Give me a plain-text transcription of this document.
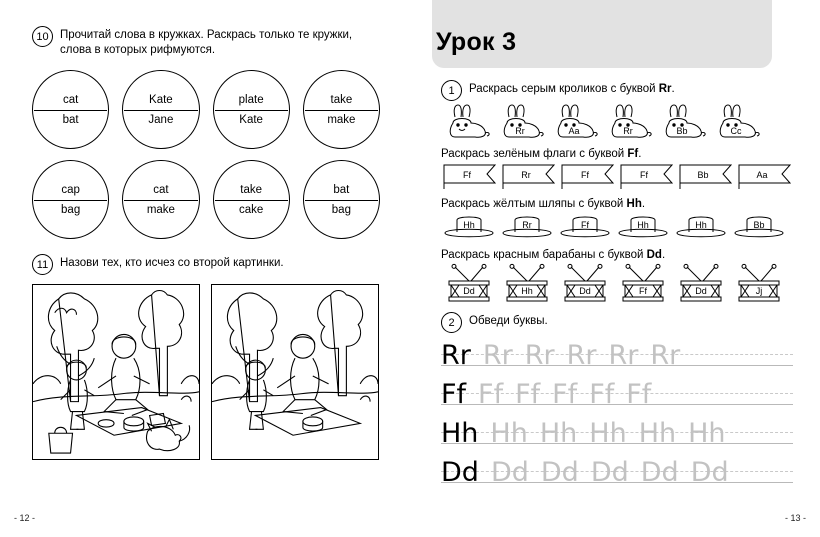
10 Прочитай слова в кружках. Раскрась только те кружки, слова в которых рифмуются.
cat
bat
Kate
Jane
plate
Kate
take
make
cap
bag
cat
make
take
cake
bat
bag
11	Назови тех, кто исчез со второй картинки.
- 12 -
Урок 3
1	Раскрась серым кроликов с буквой Rr.
Rr	Aa	Rr	Bb	Cc
Раскрась зелёным флаги с буквой Ff.
Ff	Rr	Ff	Ff	Bb	Aa
Раскрась жёлтым шляпы с буквой Hh.
Hh	Rr	Ff	Hh	Hh	Bb
Раскрась красным барабаны с буквой Dd.
Dd	Hh	Dd	Ff	Dd	Jj
2	Обведи буквы.
Rr Rr Rr Rr Rr Rr
Ff Ff Ff Ff Ff Ff
Hh Hh Hh Hh Hh Hh
Dd Dd Dd Dd Dd Dd
- 13 -
